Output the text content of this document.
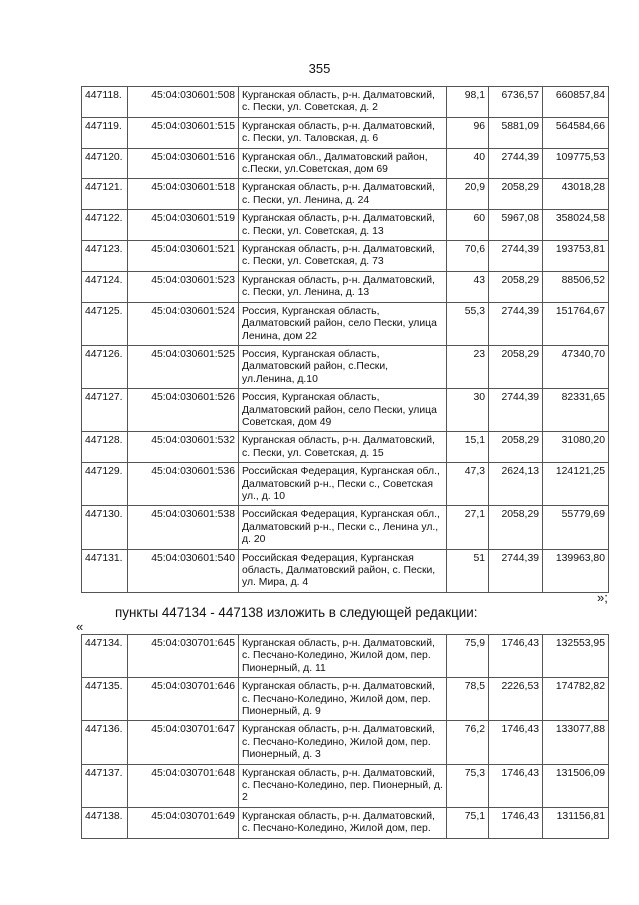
355
447118.	45:04:030601:508	Курганская область, р-н. Далматовский, с. Пески, ул. Советская, д. 2	98,1	6736,57	660857,84
447119.	45:04:030601:515	Курганская область, р-н. Далматовский, с. Пески, ул. Таловская, д. 6	96	5881,09	564584,66
447120.	45:04:030601:516	Курганская обл., Далматовский район, с.Пески, ул.Советская, дом 69	40	2744,39	109775,53
447121.	45:04:030601:518	Курганская область, р-н. Далматовский, с. Пески, ул. Ленина, д. 24	20,9	2058,29	43018,28
447122.	45:04:030601:519	Курганская область, р-н. Далматовский, с. Пески, ул. Советская, д. 13	60	5967,08	358024,58
447123.	45:04:030601:521	Курганская область, р-н. Далматовский, с. Пески, ул. Советская, д. 73	70,6	2744,39	193753,81
447124.	45:04:030601:523	Курганская область, р-н. Далматовский, с. Пески, ул. Ленина, д. 13	43	2058,29	88506,52
447125.	45:04:030601:524	Россия, Курганская область, Далматовский район, село Пески, улица Ленина, дом 22	55,3	2744,39	151764,67
447126.	45:04:030601:525	Россия, Курганская область, Далматовский район, с.Пески, ул.Ленина, д.10	23	2058,29	47340,70
447127.	45:04:030601:526	Россия, Курганская область, Далматовский район, село Пески, улица Советская, дом 49	30	2744,39	82331,65
447128.	45:04:030601:532	Курганская область, р-н. Далматовский, с. Пески, ул. Советская, д. 15	15,1	2058,29	31080,20
447129.	45:04:030601:536	Российская Федерация, Курганская обл., Далматовский р-н., Пески с., Советская ул., д. 10	47,3	2624,13	124121,25
447130.	45:04:030601:538	Российская Федерация, Курганская обл., Далматовский р-н., Пески с., Ленина ул., д. 20	27,1	2058,29	55779,69
447131.	45:04:030601:540	Российская Федерация, Курганская область, Далматовский район, с. Пески, ул. Мира, д. 4	51	2744,39	139963,80
»;
пункты 447134 - 447138 изложить в следующей редакции:
«
447134.	45:04:030701:645	Курганская область, р-н. Далматовский, с. Песчано-Коледино, Жилой дом, пер. Пионерный, д. 11	75,9	1746,43	132553,95
447135.	45:04:030701:646	Курганская область, р-н. Далматовский, с. Песчано-Коледино, Жилой дом, пер. Пионерный, д. 9	78,5	2226,53	174782,82
447136.	45:04:030701:647	Курганская область, р-н. Далматовский, с. Песчано-Коледино, Жилой дом, пер. Пионерный, д. 3	76,2	1746,43	133077,88
447137.	45:04:030701:648	Курганская область, р-н. Далматовский, с. Песчано-Коледино, пер. Пионерный, д. 2	75,3	1746,43	131506,09
447138.	45:04:030701:649	Курганская область, р-н. Далматовский, с. Песчано-Коледино, Жилой дом, пер.	75,1	1746,43	131156,81
